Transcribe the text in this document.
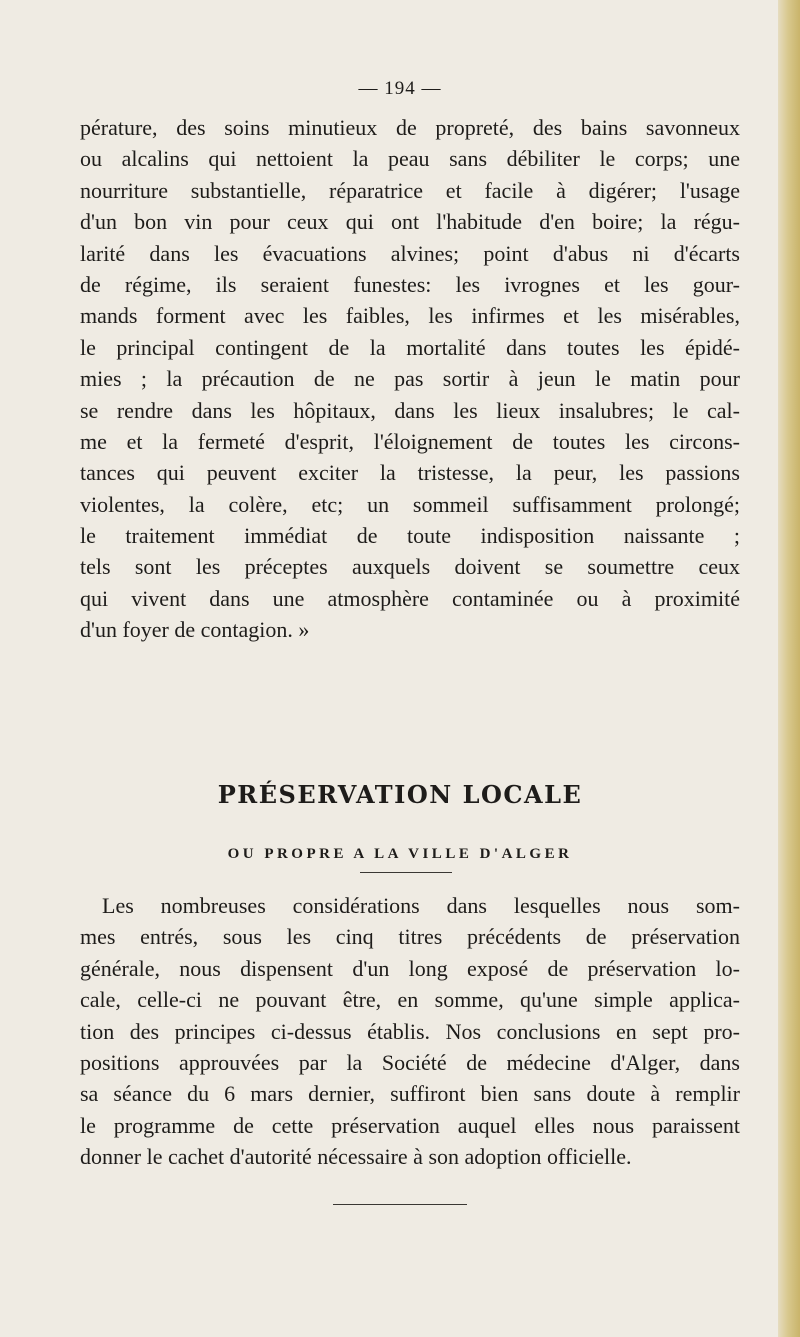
— 194 —
pérature, des soins minutieux de propreté, des bains savonneux
ou alcalins qui nettoient la peau sans débiliter le corps; une
nourriture substantielle, réparatrice et facile à digérer; l'usage
d'un bon vin pour ceux qui ont l'habitude d'en boire; la régu-
larité dans les évacuations alvines; point d'abus ni d'écarts
de régime, ils seraient funestes: les ivrognes et les gour-
mands forment avec les faibles, les infirmes et les misérables,
le principal contingent de la mortalité dans toutes les épidé-
mies ; la précaution de ne pas sortir à jeun le matin pour
se rendre dans les hôpitaux, dans les lieux insalubres; le cal-
me et la fermeté d'esprit, l'éloignement de toutes les circons-
tances qui peuvent exciter la tristesse, la peur, les passions
violentes, la colère, etc; un sommeil suffisamment prolongé;
le traitement immédiat de toute indisposition naissante ;
tels sont les préceptes auxquels doivent se soumettre ceux
qui vivent dans une atmosphère contaminée ou à proximité
d'un foyer de contagion. »
PRÉSERVATION LOCALE
OU PROPRE A LA VILLE D'ALGER
Les nombreuses considérations dans lesquelles nous som-
mes entrés, sous les cinq titres précédents de préservation
générale, nous dispensent d'un long exposé de préservation lo-
cale, celle-ci ne pouvant être, en somme, qu'une simple applica-
tion des principes ci-dessus établis. Nos conclusions en sept pro-
positions approuvées par la Société de médecine d'Alger, dans
sa séance du 6 mars dernier, suffiront bien sans doute à remplir
le programme de cette préservation auquel elles nous paraissent
donner le cachet d'autorité nécessaire à son adoption officielle.
